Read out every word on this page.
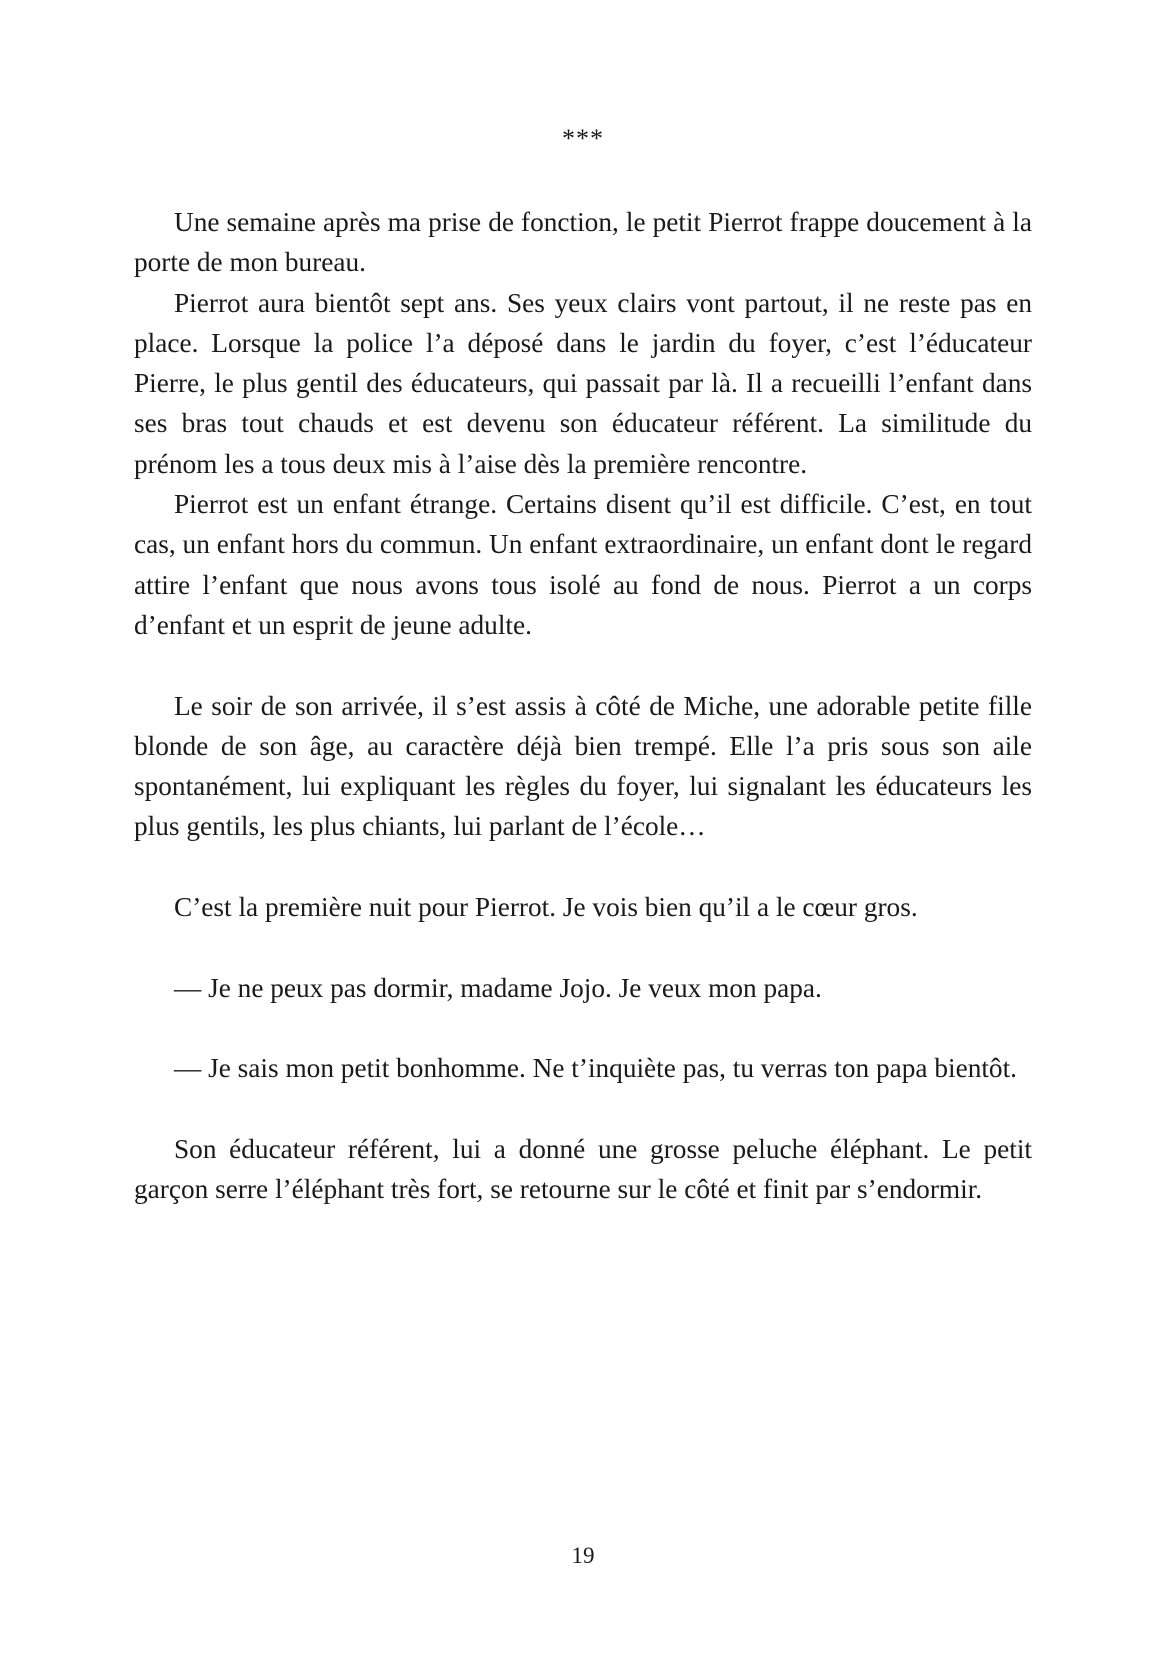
***

Une semaine après ma prise de fonction, le petit Pierrot frappe doucement à la porte de mon bureau.

Pierrot aura bientôt sept ans. Ses yeux clairs vont partout, il ne reste pas en place. Lorsque la police l’a déposé dans le jardin du foyer, c’est l’éducateur Pierre, le plus gentil des éducateurs, qui passait par là. Il a recueilli l’enfant dans ses bras tout chauds et est devenu son éducateur référent. La similitude du prénom les a tous deux mis à l’aise dès la première rencontre.

Pierrot est un enfant étrange. Certains disent qu’il est difficile. C’est, en tout cas, un enfant hors du commun. Un enfant extraordinaire, un enfant dont le regard attire l’enfant que nous avons tous isolé au fond de nous. Pierrot a un corps d’enfant et un esprit de jeune adulte.

Le soir de son arrivée, il s’est assis à côté de Miche, une adorable petite fille blonde de son âge, au caractère déjà bien trempé. Elle l’a pris sous son aile spontanément, lui expliquant les règles du foyer, lui signalant les éducateurs les plus gentils, les plus chiants, lui parlant de l’école…

C’est la première nuit pour Pierrot. Je vois bien qu’il a le cœur gros.

— Je ne peux pas dormir, madame Jojo. Je veux mon papa.

— Je sais mon petit bonhomme. Ne t’inquiète pas, tu verras ton papa bientôt.

Son éducateur référent, lui a donné une grosse peluche éléphant. Le petit garçon serre l’éléphant très fort, se retourne sur le côté et finit par s’endormir.

19
